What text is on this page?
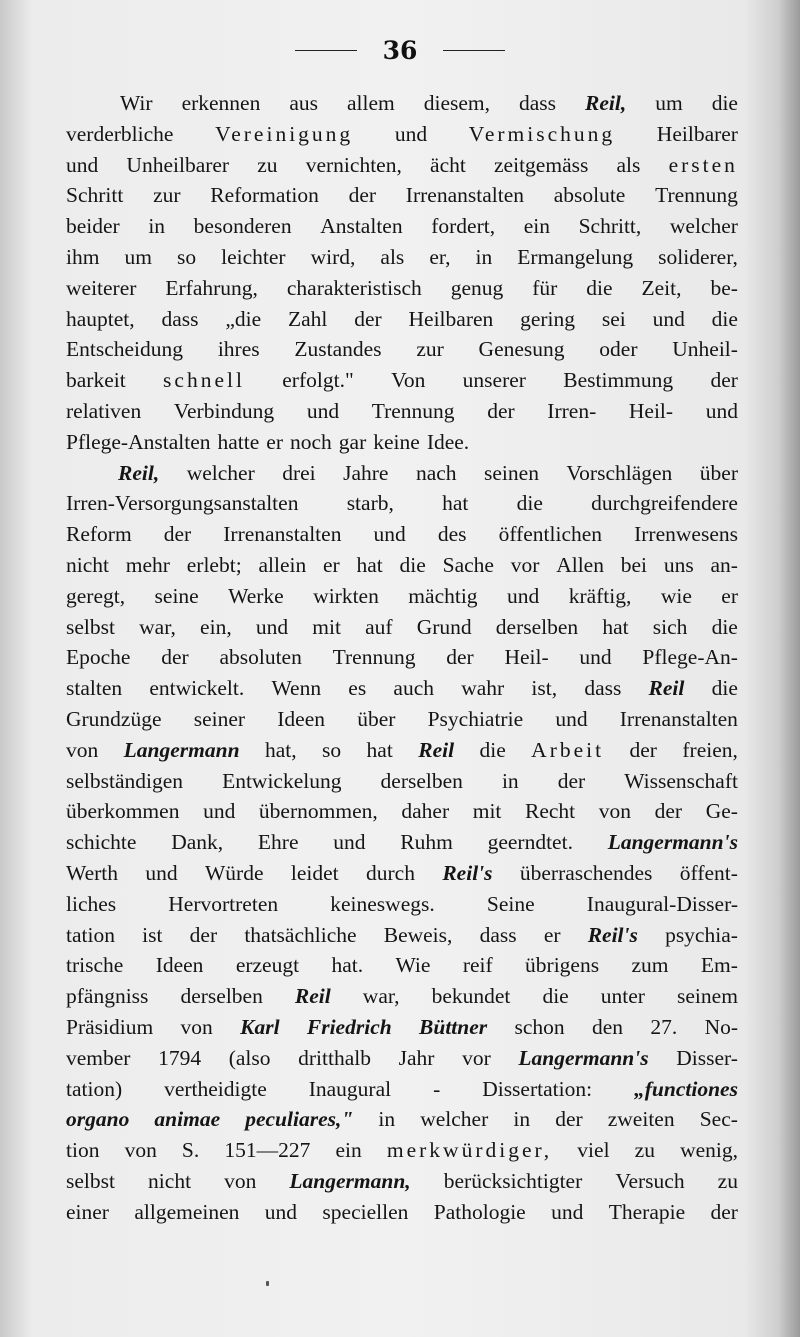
36
Wir erkennen aus allem diesem, dass Reil, um die
verderbliche Vereinigung und Vermischung Heilbarer
und Unheilbarer zu vernichten, ächt zeitgemäss als ersten
Schritt zur Reformation der Irrenanstalten absolute Trennung
beider in besonderen Anstalten fordert, ein Schritt, welcher
ihm um so leichter wird, als er, in Ermangelung soliderer,
weiterer Erfahrung, charakteristisch genug für die Zeit, be-
hauptet, dass „die Zahl der Heilbaren gering sei und die
Entscheidung ihres Zustandes zur Genesung oder Unheil-
barkeit schnell erfolgt." Von unserer Bestimmung der
relativen Verbindung und Trennung der Irren- Heil- und
Pflege-Anstalten hatte er noch gar keine Idee.
Reil, welcher drei Jahre nach seinen Vorschlägen über
Irren-Versorgungsanstalten starb, hat die durchgreifendere
Reform der Irrenanstalten und des öffentlichen Irrenwesens
nicht mehr erlebt; allein er hat die Sache vor Allen bei uns an-
geregt, seine Werke wirkten mächtig und kräftig, wie er
selbst war, ein, und mit auf Grund derselben hat sich die
Epoche der absoluten Trennung der Heil- und Pflege-An-
stalten entwickelt. Wenn es auch wahr ist, dass Reil die
Grundzüge seiner Ideen über Psychiatrie und Irrenanstalten
von Langermann hat, so hat Reil die Arbeit der freien,
selbständigen Entwickelung derselben in der Wissenschaft
überkommen und übernommen, daher mit Recht von der Ge-
schichte Dank, Ehre und Ruhm geerndtet. Langermann's
Werth und Würde leidet durch Reil's überraschendes öffent-
liches Hervortreten keineswegs. Seine Inaugural-Disser-
tation ist der thatsächliche Beweis, dass er Reil's psychia-
trische Ideen erzeugt hat. Wie reif übrigens zum Em-
pfängniss derselben Reil war, bekundet die unter seinem
Präsidium von Karl Friedrich Büttner schon den 27. No-
vember 1794 (also dritthalb Jahr vor Langermann's Disser-
tation) vertheidigte Inaugural - Dissertation: „functiones
organo animae peculiares," in welcher in der zweiten Sec-
tion von S. 151—227 ein merkwürdiger, viel zu wenig,
selbst nicht von Langermann, berücksichtigter Versuch zu
einer allgemeinen und speciellen Pathologie und Therapie der
